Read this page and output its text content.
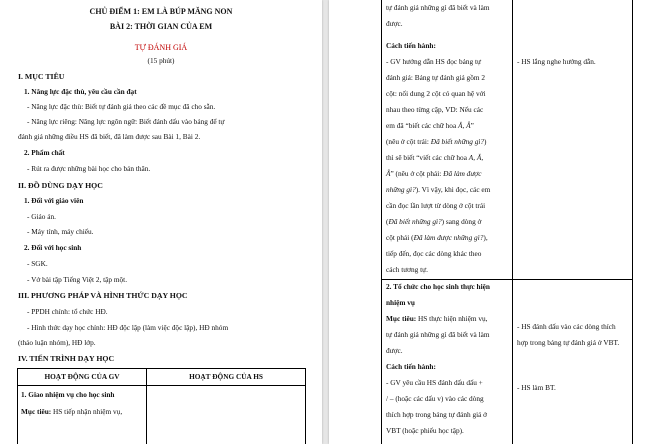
CHỦ ĐIỂM 1: EM LÀ BÚP MĂNG NON
BÀI 2: THỜI GIAN CỦA EM
TỰ ĐÁNH GIÁ
(15 phút)
I. MỤC TIÊU
1. Năng lực đặc thù, yêu cầu cần đạt
- Năng lực đặc thù: Biết tự đánh giá theo các đề mục đã cho sẵn.
- Năng lực riêng: Năng lực ngôn ngữ: Biết đánh dấu vào bảng để tự
đánh giá những điều HS đã biết, đã làm được sau Bài 1, Bài 2.
2. Phẩm chất
- Rút ra được những bài học cho bản thân.
II. ĐỒ DÙNG DẠY HỌC
1. Đối với giáo viên
- Giáo án.
- Máy tính, máy chiếu.
2. Đối với học sinh
- SGK.
- Vở bài tập Tiếng Việt 2, tập một.
III. PHƯƠNG PHÁP VÀ HÌNH THỨC DẠY HỌC
- PPDH chính: tổ chức HĐ.
- Hình thức dạy học chính: HĐ độc lập (làm việc độc lập), HĐ nhóm
(thảo luận nhóm), HĐ lớp.
IV. TIẾN TRÌNH DẠY HỌC
HOẠT ĐỘNG CỦA GV	HOẠT ĐỘNG CỦA HS
1. Giao nhiệm vụ cho học sinh
Mục tiêu: HS tiếp nhận nhiệm vụ,
tự đánh giá những gì đã biết và làm
được.
Cách tiến hành:
- GV hướng dẫn HS đọc bảng tự
đánh giá: Bảng tự đánh giá gồm 2
cột: nối dung 2 cột có quan hệ với
nhau theo từng cặp, VD: Nếu các
em đã “biết các chữ hoa Ă, Â”
(nêu ở cột trái: Đã biết những gì?)
thì sẽ biết “viết các chữ hoa A, Ă,
Â” (nêu ở cột phải: Đã làm được
những gì?). Vì vậy, khi đọc, các em
cần đọc lần lượt từ dòng ở cột trái
(Đã biết những gì?) sang dòng ở
cột phải (Đã làm được những gì?),
tiếp đến, đọc các dòng khác theo
cách tương tự.
2. Tổ chức cho học sinh thực hiện
nhiệm vụ
Mục tiêu: HS thực hiện nhiệm vụ,
tự đánh giá những gì đã biết và làm
được.
Cách tiến hành:
- GV yêu cầu HS đánh dấu dấu +
/ – (hoặc các dấu v) vào các dòng
thích hợp trong bảng tự đánh giá ở
VBT (hoặc phiếu học tập).
- HS lắng nghe hướng dẫn.
- HS đánh dấu vào các dòng thích
hợp trong bảng tự đánh giá ở VBT.
- HS làm BT.
